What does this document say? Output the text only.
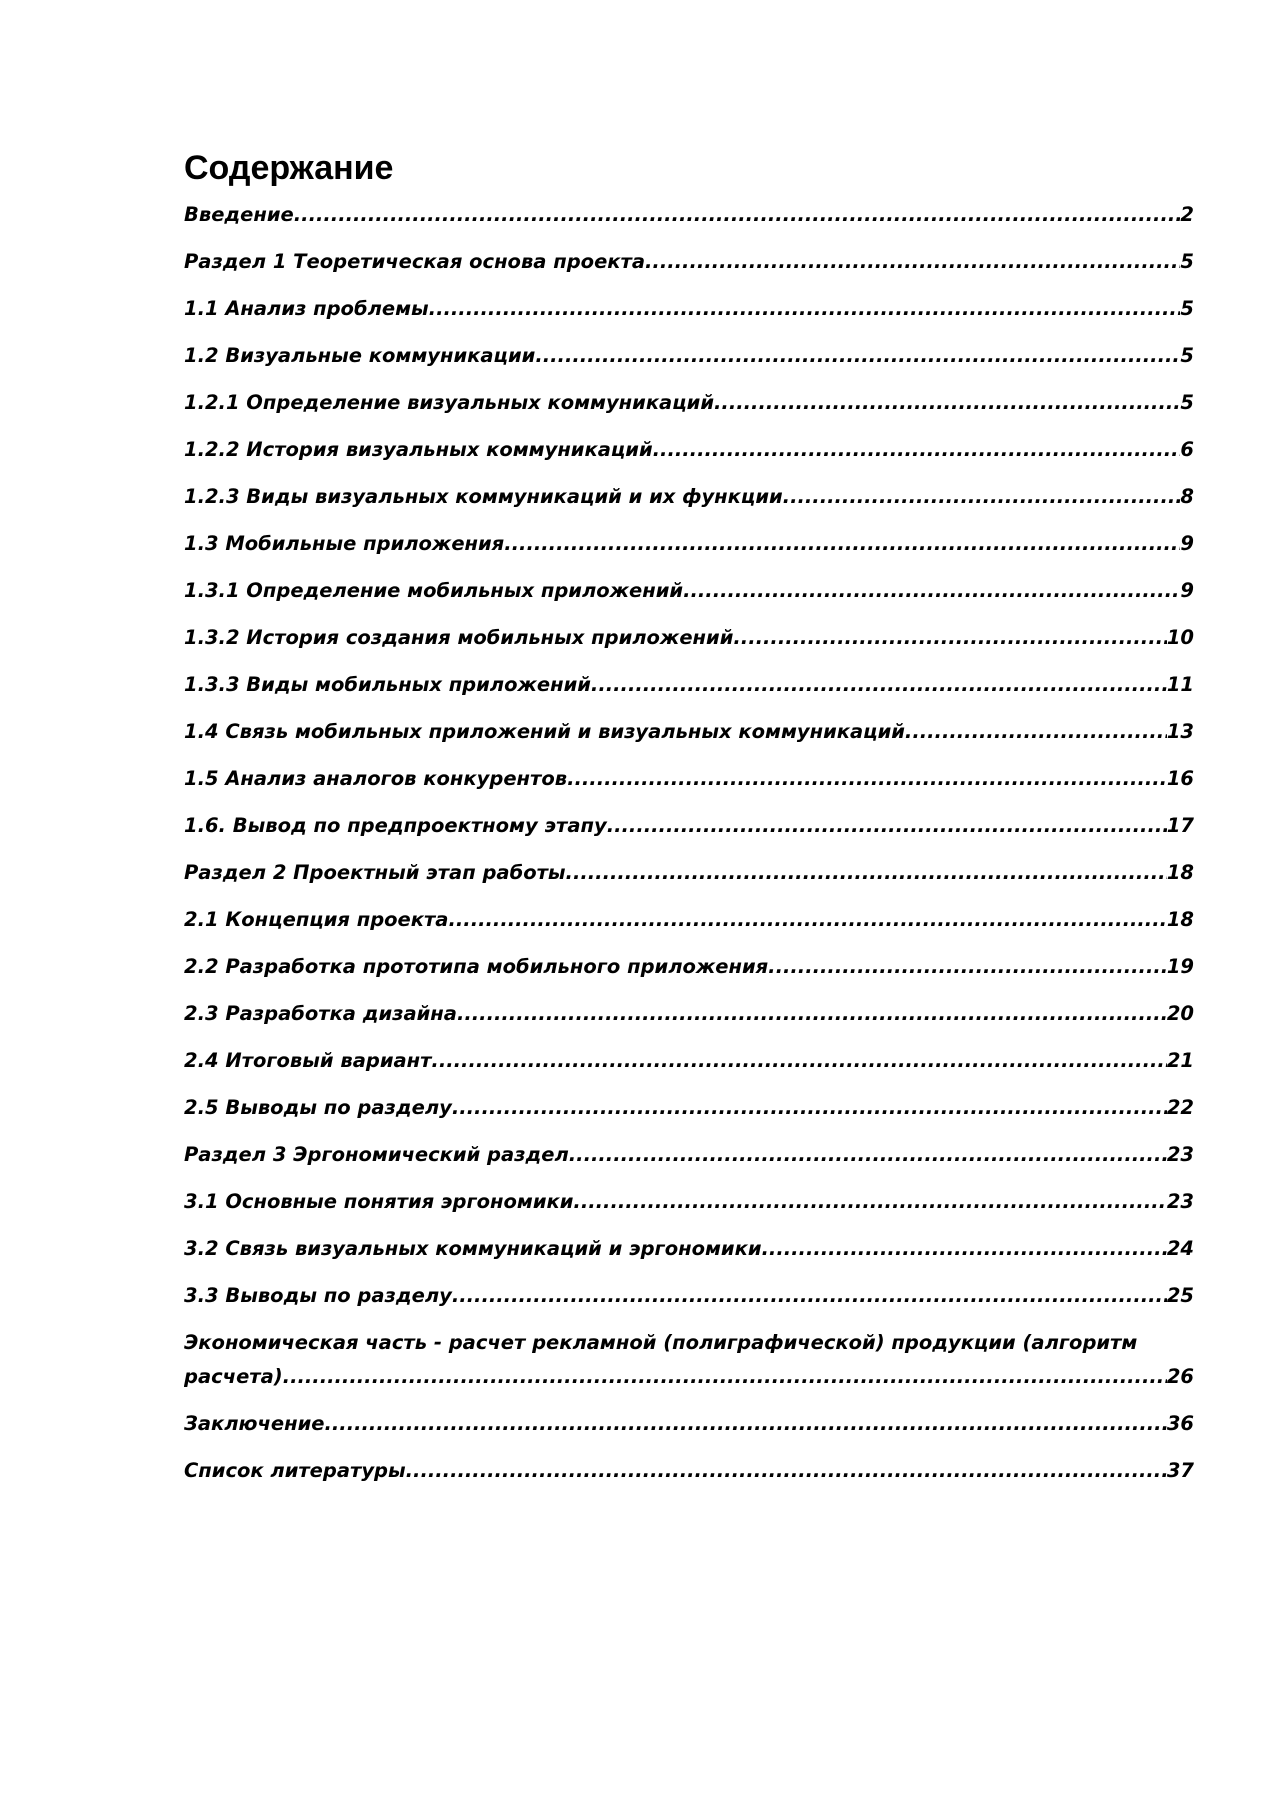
Содержание
Введение .....	2
Раздел 1 Теоретическая основа проекта .....	5
1.1 Анализ проблемы .....	5
1.2 Визуальные коммуникации .....	5
1.2.1 Определение визуальных коммуникаций .....	5
1.2.2 История визуальных коммуникаций .....	6
1.2.3 Виды визуальных коммуникаций и их функции .....	8
1.3 Мобильные приложения .....	9
1.3.1 Определение мобильных приложений .....	9
1.3.2 История создания мобильных приложений .....	10
1.3.3 Виды мобильных приложений .....	11
1.4 Связь мобильных приложений и визуальных коммуникаций .....	13
1.5 Анализ аналогов конкурентов .....	16
1.6. Вывод по предпроектному этапу .....	17
Раздел 2 Проектный этап работы .....	18
2.1 Концепция проекта .....	18
2.2 Разработка прототипа мобильного приложения .....	19
2.3 Разработка дизайна .....	20
2.4 Итоговый вариант .....	21
2.5 Выводы по разделу .....	22
Раздел 3 Эргономический раздел .....	23
3.1 Основные понятия эргономики .....	23
3.2 Связь визуальных коммуникаций и эргономики .....	24
3.3 Выводы по разделу .....	25
Экономическая часть - расчет рекламной (полиграфической) продукции (алгоритм
расчета) .....	26
Заключение .....	36
Список литературы .....	37
